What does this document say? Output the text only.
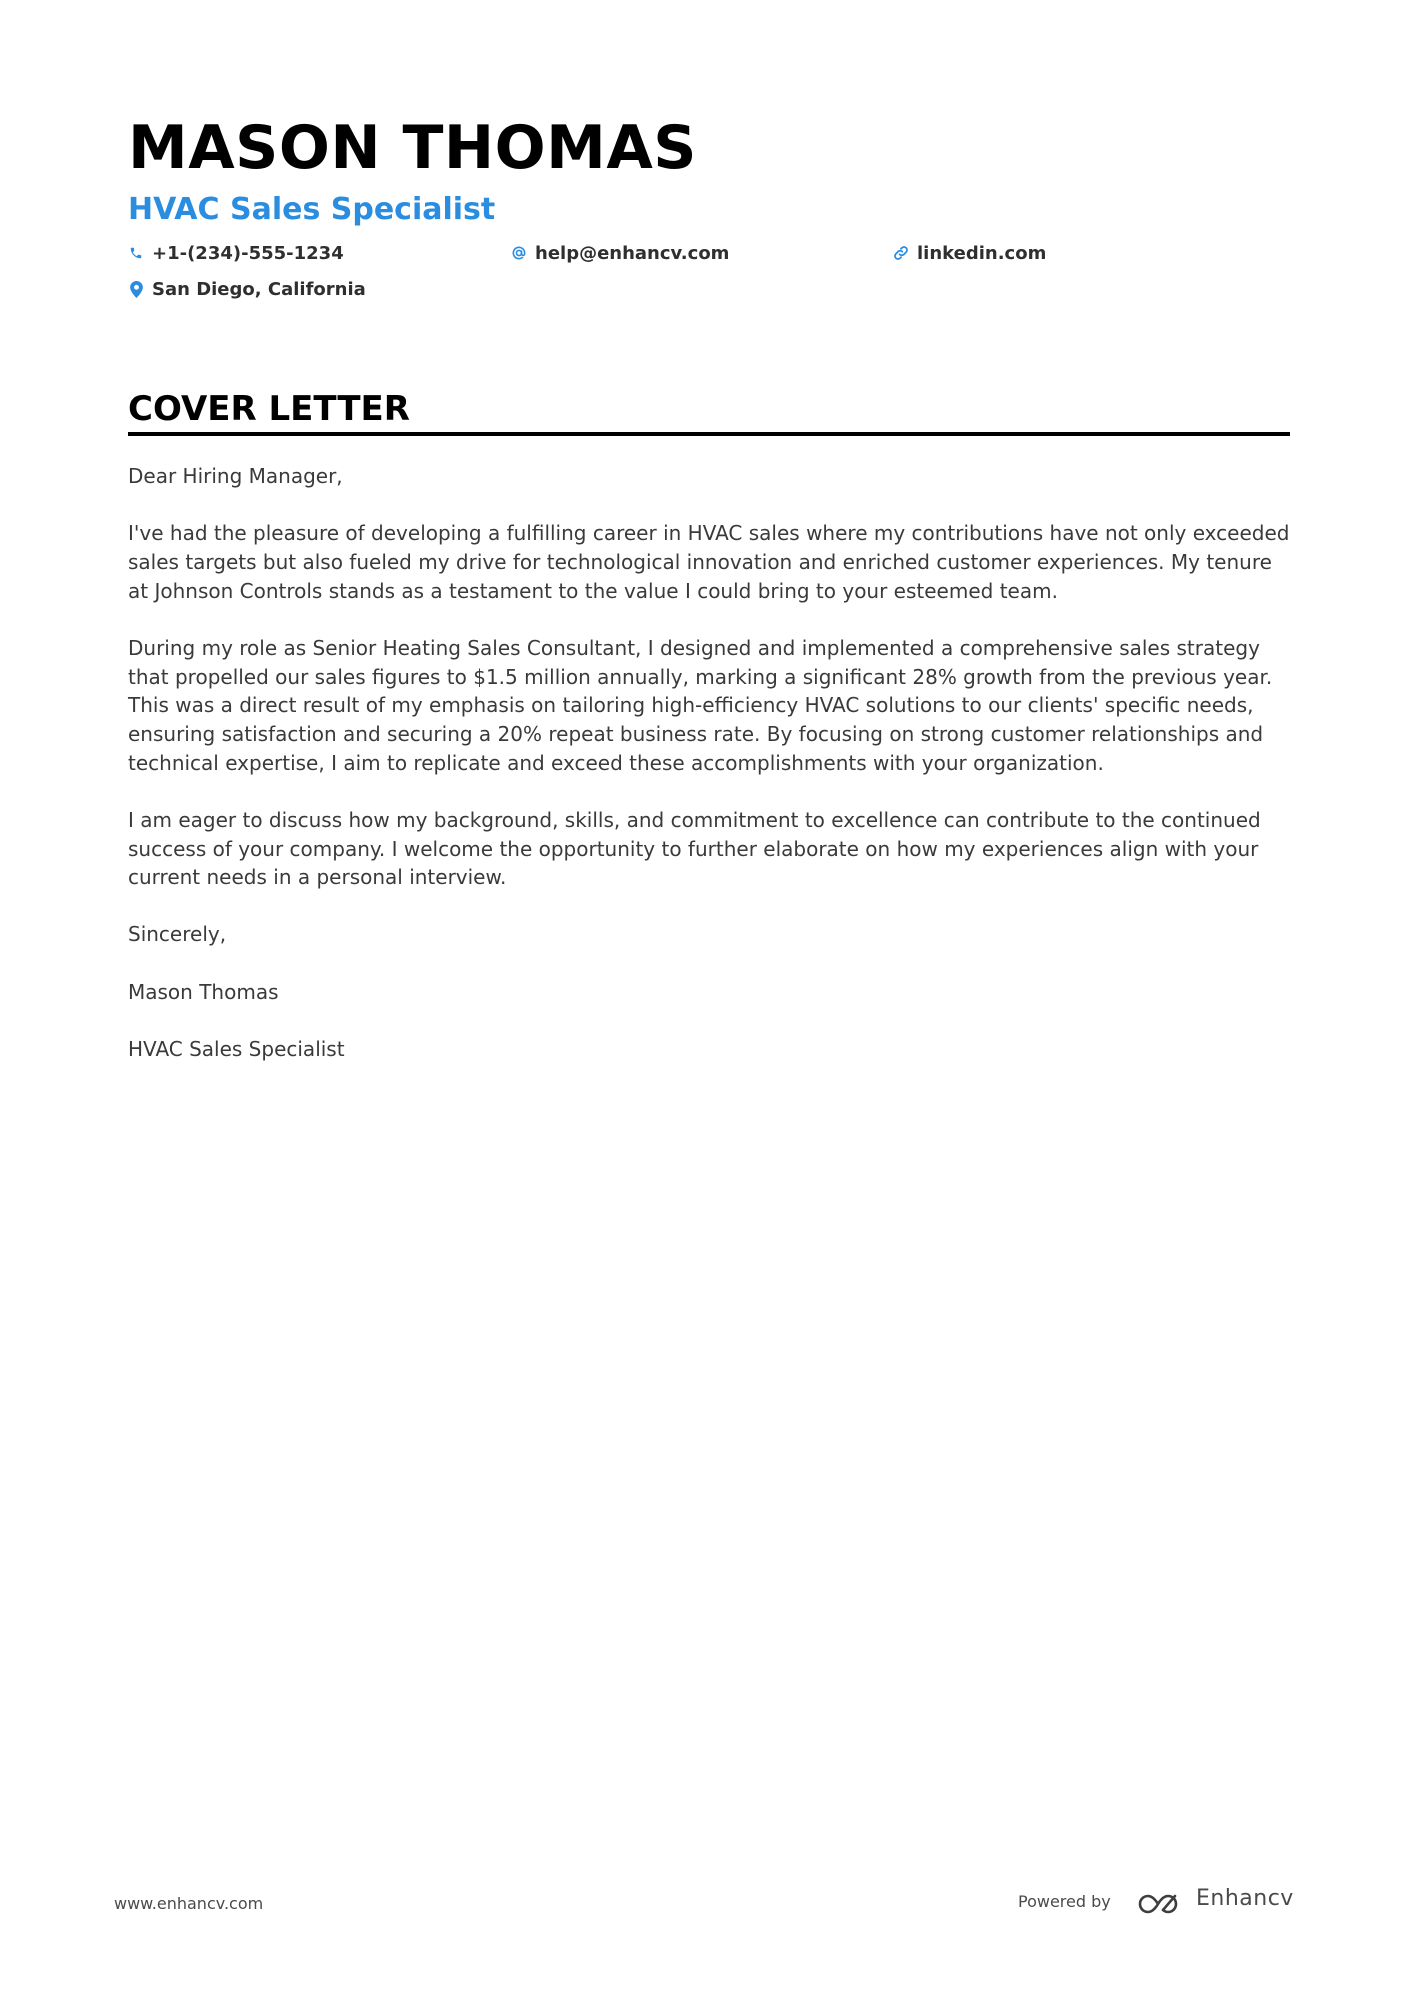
MASON THOMAS
HVAC Sales Specialist
+1-(234)-555-1234	help@enhancv.com	linkedin.com
San Diego, California
COVER LETTER

Dear Hiring Manager,

I've had the pleasure of developing a fulfilling career in HVAC sales where my contributions have not only exceeded sales targets but also fueled my drive for technological innovation and enriched customer experiences. My tenure at Johnson Controls stands as a testament to the value I could bring to your esteemed team.

During my role as Senior Heating Sales Consultant, I designed and implemented a comprehensive sales strategy that propelled our sales figures to $1.5 million annually, marking a significant 28% growth from the previous year. This was a direct result of my emphasis on tailoring high-efficiency HVAC solutions to our clients' specific needs, ensuring satisfaction and securing a 20% repeat business rate. By focusing on strong customer relationships and technical expertise, I aim to replicate and exceed these accomplishments with your organization.

I am eager to discuss how my background, skills, and commitment to excellence can contribute to the continued success of your company. I welcome the opportunity to further elaborate on how my experiences align with your current needs in a personal interview.

Sincerely,

Mason Thomas

HVAC Sales Specialist

www.enhancv.com	Powered by	Enhancv
